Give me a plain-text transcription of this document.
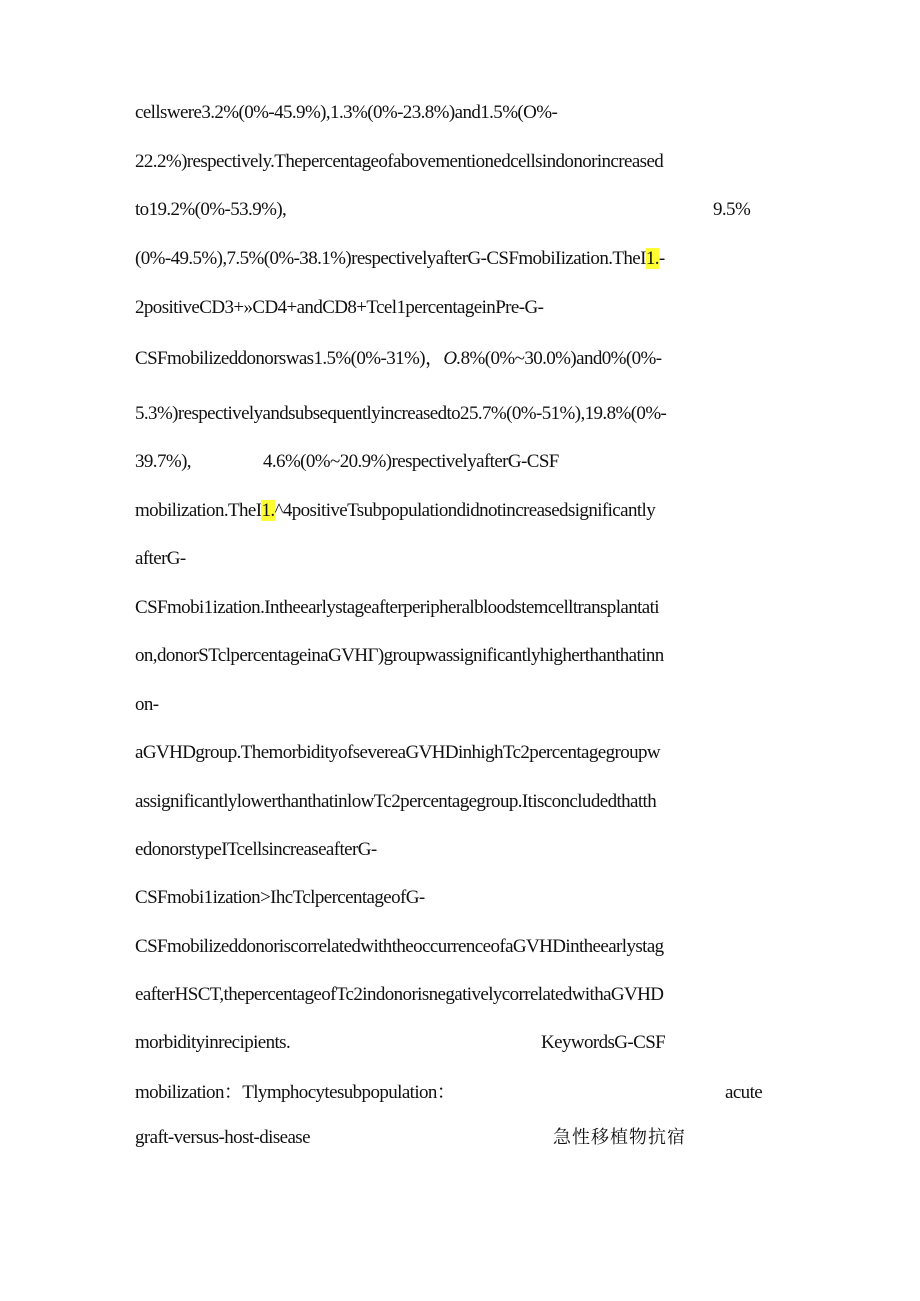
cellswere3.2%(0%-45.9%),1.3%(0%-23.8%)and1.5%(O%-
22.2%)respectively.Thepercentageofabovementionedcellsindonorincreased
to19.2%(0%-53.9%),	9.5%
(0%-49.5%),7.5%(0%-38.1%)respectivelyafterG-CSFmobiIization.TheI1.-
2positiveCD3+»CD4+andCD8+Tcel1percentageinPre-G-
CSFmobilizeddonorswas1.5%(0%-31%)，O.8%(0%~30.0%)and0%(0%-
5.3%)respectivelyandsubsequentlyincreasedto25.7%(0%-51%),19.8%(0%-
39.7%),	4.6%(0%~20.9%)respectivelyafterG-CSF
mobilization.TheI1.^4positiveTsubpopulationdidnotincreasedsignificantly
afterG-
CSFmobi1ization.Intheearlystageafterperipheralbloodstemcelltransplantati
on,donorSTclpercentageinaGVHΓ)groupwassignificantlyhigherthanthatinn
on-
aGVHDgroup.ThemorbidityofsevereaGVHDinhighTc2percentagegroupw
assignificantlylowerthanthatinlowTc2percentagegroup.Itisconcludedthatth
edonorstypeITcellsincreaseafterG-
CSFmobi1ization>IhcTclpercentageofG-
CSFmobilizeddonoriscorrelatedwiththeoccurrenceofaGVHDintheearlystag
eafterHSCT,thepercentageofTc2indonorisnegativelycorrelatedwithaGVHD
morbidityinrecipients.	KeywordsG-CSF
mobilization：Tlymphocytesubpopulation：	acute
graft-versus-host-disease	急性移植物抗宿
